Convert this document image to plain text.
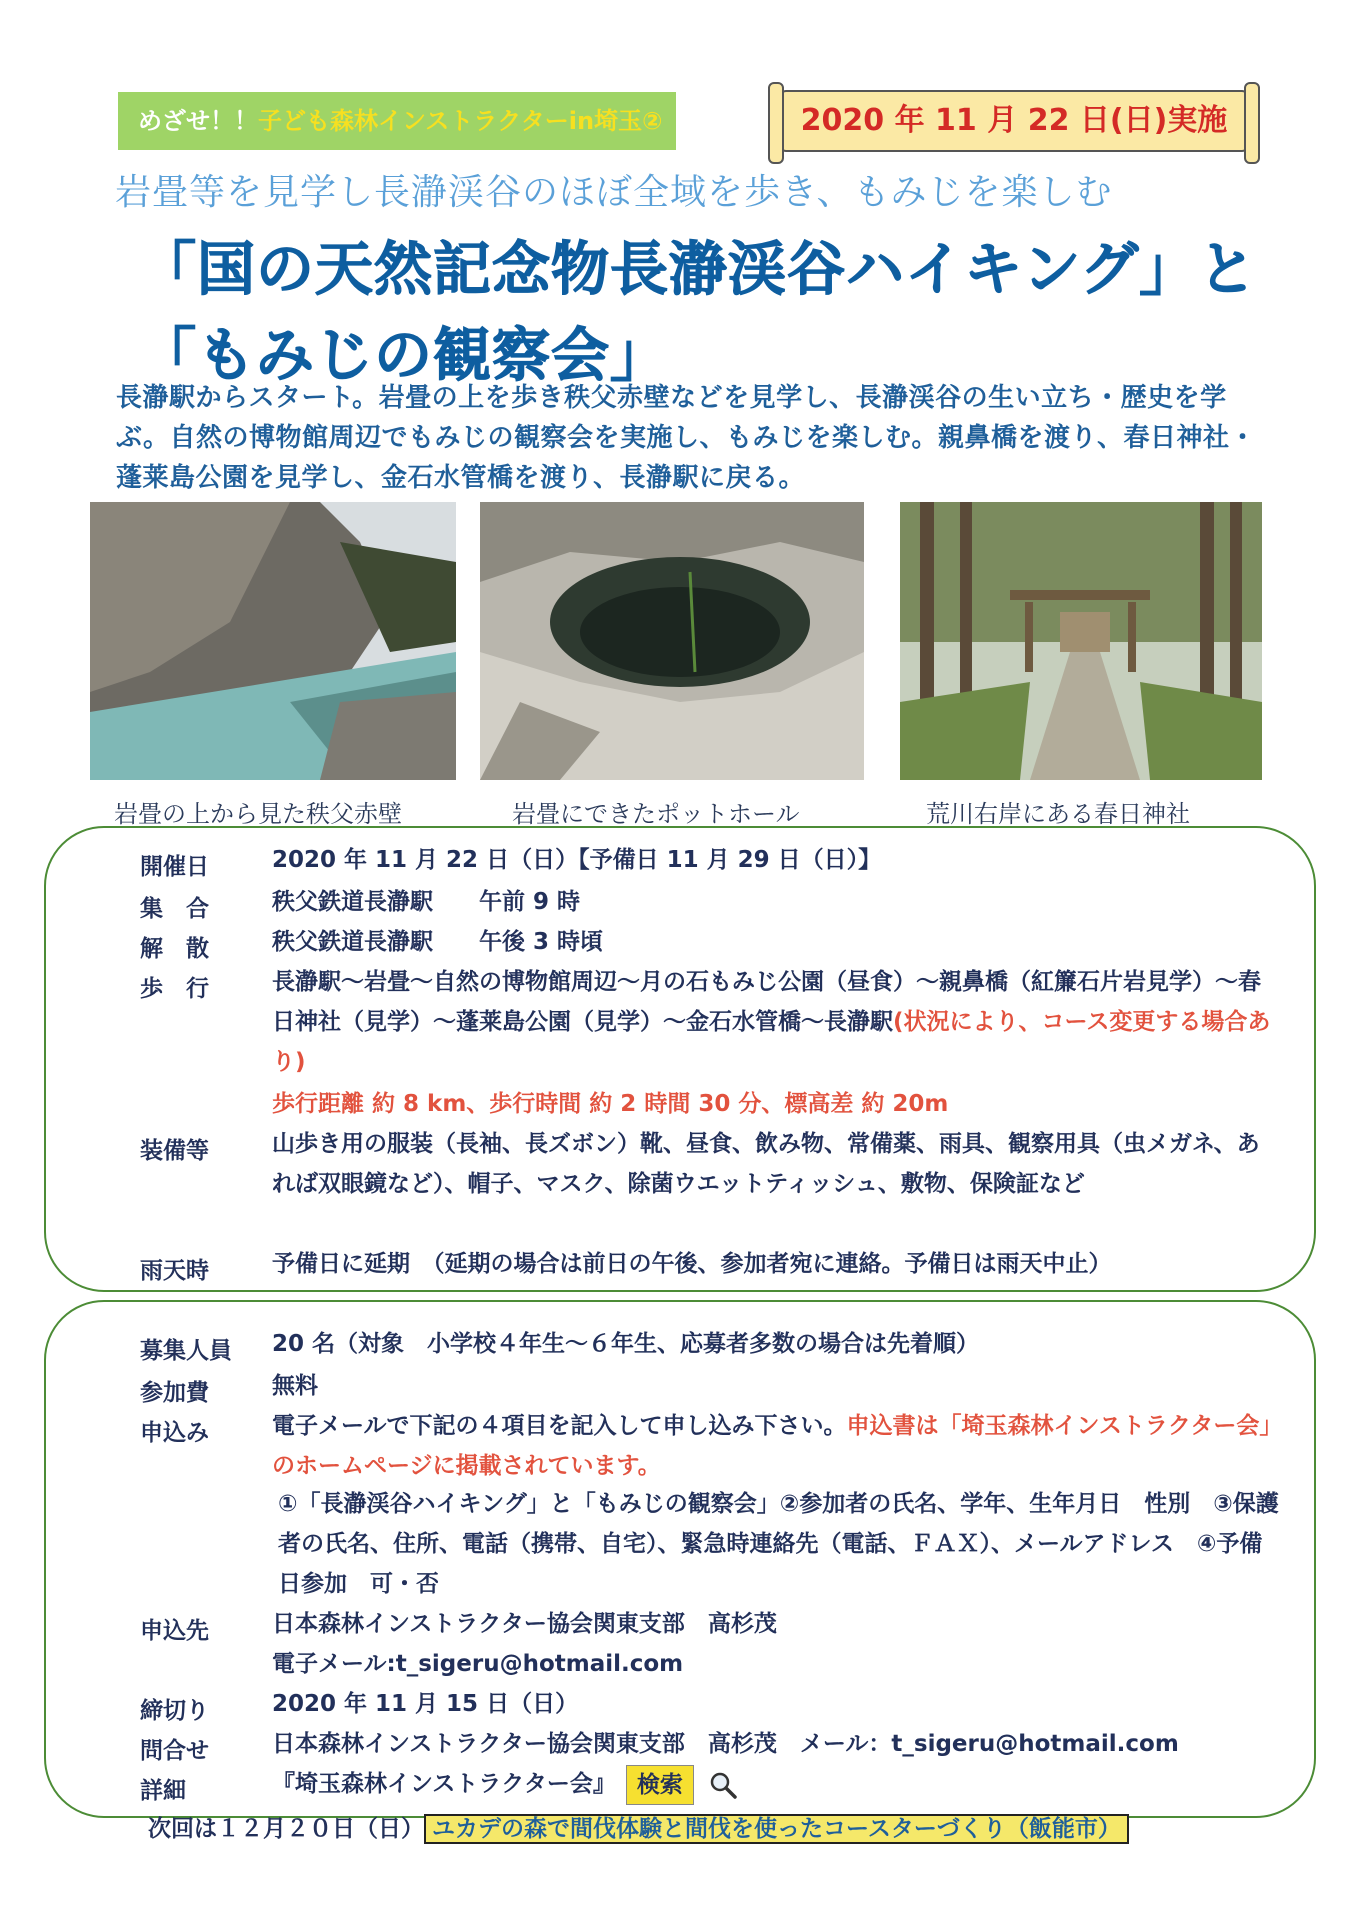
めざせ！！子ども森林インストラクターin埼玉②	2020 年 11 月 22 日(日)実施
岩畳等を見学し長瀞渓谷のほぼ全域を歩き、もみじを楽しむ
「国の天然記念物長瀞渓谷ハイキング」と
「もみじの観察会」
長瀞駅からスタート。岩畳の上を歩き秩父赤壁などを見学し、長瀞渓谷の生い立ち・歴史を学ぶ。自然の博物館周辺でもみじの観察会を実施し、もみじを楽しむ。親鼻橋を渡り、春日神社・蓬莱島公園を見学し、金石水管橋を渡り、長瀞駅に戻る。
岩畳の上から見た秩父赤壁	岩畳にできたポットホール	荒川右岸にある春日神社
開催日	2020 年 11 月 22 日（日）【予備日 11 月 29 日（日）】
集　合	秩父鉄道長瀞駅　　午前 9 時
解　散	秩父鉄道長瀞駅　　午後 3 時頃
歩　行	長瀞駅～岩畳～自然の博物館周辺～月の石もみじ公園（昼食）～親鼻橋（紅簾石片岩見学）～春日神社（見学）～蓬莱島公園（見学）～金石水管橋～長瀞駅(状況により、コース変更する場合あり)
歩行距離 約 8 km、歩行時間 約 2 時間 30 分、標高差 約 20m
装備等	山歩き用の服装（長袖、長ズボン）靴、昼食、飲み物、常備薬、雨具、観察用具（虫メガネ、あれば双眼鏡など）、帽子、マスク、除菌ウエットティッシュ、敷物、保険証など
雨天時	予備日に延期　（延期の場合は前日の午後、参加者宛に連絡。予備日は雨天中止）
募集人員 20 名（対象　小学校４年生～６年生、応募者多数の場合は先着順）
参加費	無料
申込み	電子メールで下記の４項目を記入して申し込み下さい。申込書は「埼玉森林インストラクター会」のホームページに掲載されています。
①「長瀞渓谷ハイキング」と「もみじの観察会」②参加者の氏名、学年、生年月日　性別　③保護者の氏名、住所、電話（携帯、自宅）、緊急時連絡先（電話、ＦＡＸ）、メールアドレス　④予備日参加　可・否
申込先	日本森林インストラクター協会関東支部　高杉茂
電子メール:t_sigeru@hotmail.com
締切り	2020 年 11 月 15 日（日）
問合せ	日本森林インストラクター協会関東支部　高杉茂　メール：t_sigeru@hotmail.com
詳細	『埼玉森林インストラクター会』 検索
次回は１２月２０日（日） ユカデの森で間伐体験と間伐を使ったコースターづくり（飯能市）
